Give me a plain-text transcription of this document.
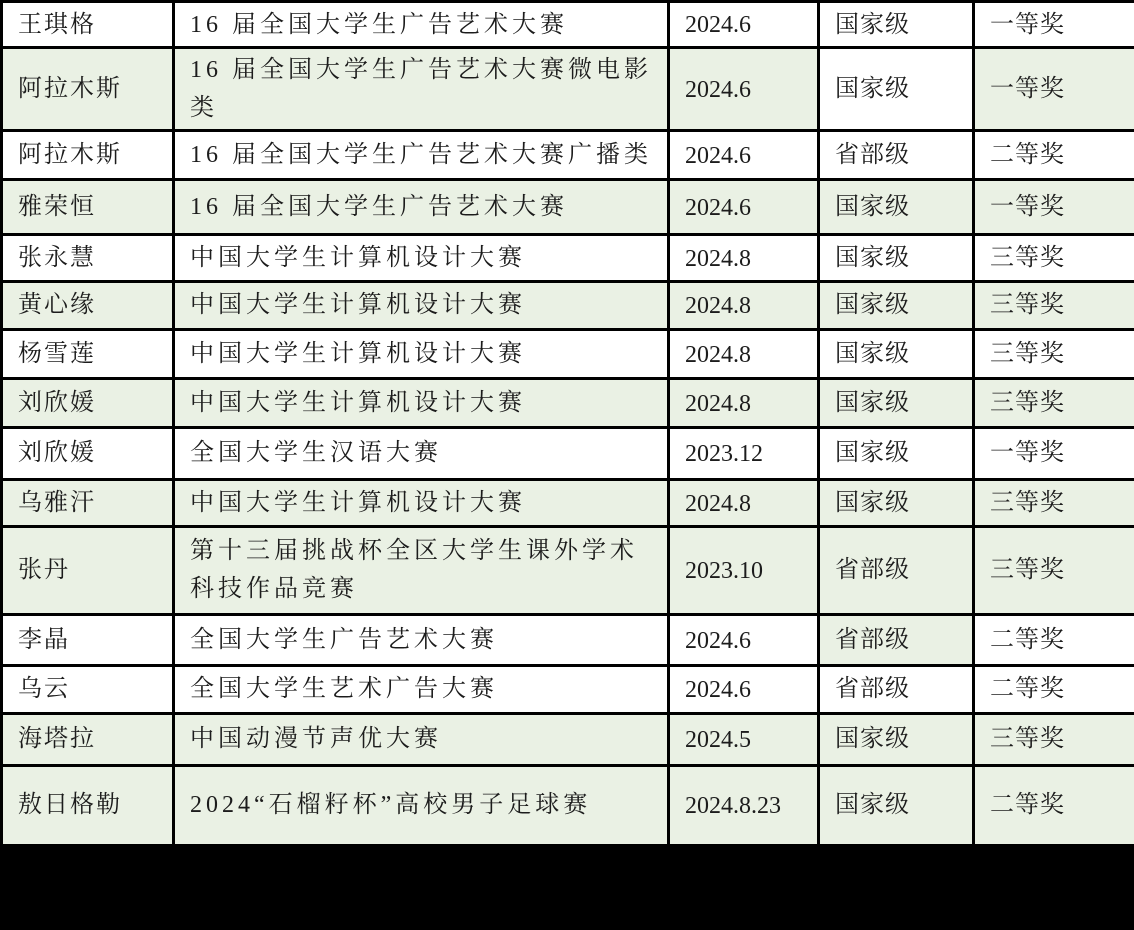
王琪格	16 届全国大学生广告艺术大赛	2024.6	国家级	一等奖
阿拉木斯	16 届全国大学生广告艺术大赛微电影类	2024.6	国家级	一等奖
阿拉木斯	16 届全国大学生广告艺术大赛广播类	2024.6	省部级	二等奖
雅荣恒	16 届全国大学生广告艺术大赛	2024.6	国家级	一等奖
张永慧	中国大学生计算机设计大赛	2024.8	国家级	三等奖
黄心缘	中国大学生计算机设计大赛	2024.8	国家级	三等奖
杨雪莲	中国大学生计算机设计大赛	2024.8	国家级	三等奖
刘欣媛	中国大学生计算机设计大赛	2024.8	国家级	三等奖
刘欣媛	全国大学生汉语大赛	2023.12	国家级	一等奖
乌雅汗	中国大学生计算机设计大赛	2024.8	国家级	三等奖
张丹	第十三届挑战杯全区大学生课外学术科技作品竞赛	2023.10	省部级	三等奖
李晶	全国大学生广告艺术大赛	2024.6	省部级	二等奖
乌云	全国大学生艺术广告大赛	2024.6	省部级	二等奖
海塔拉	中国动漫节声优大赛	2024.5	国家级	三等奖
敖日格勒	2024“石榴籽杯”高校男子足球赛	2024.8.23	国家级	二等奖
